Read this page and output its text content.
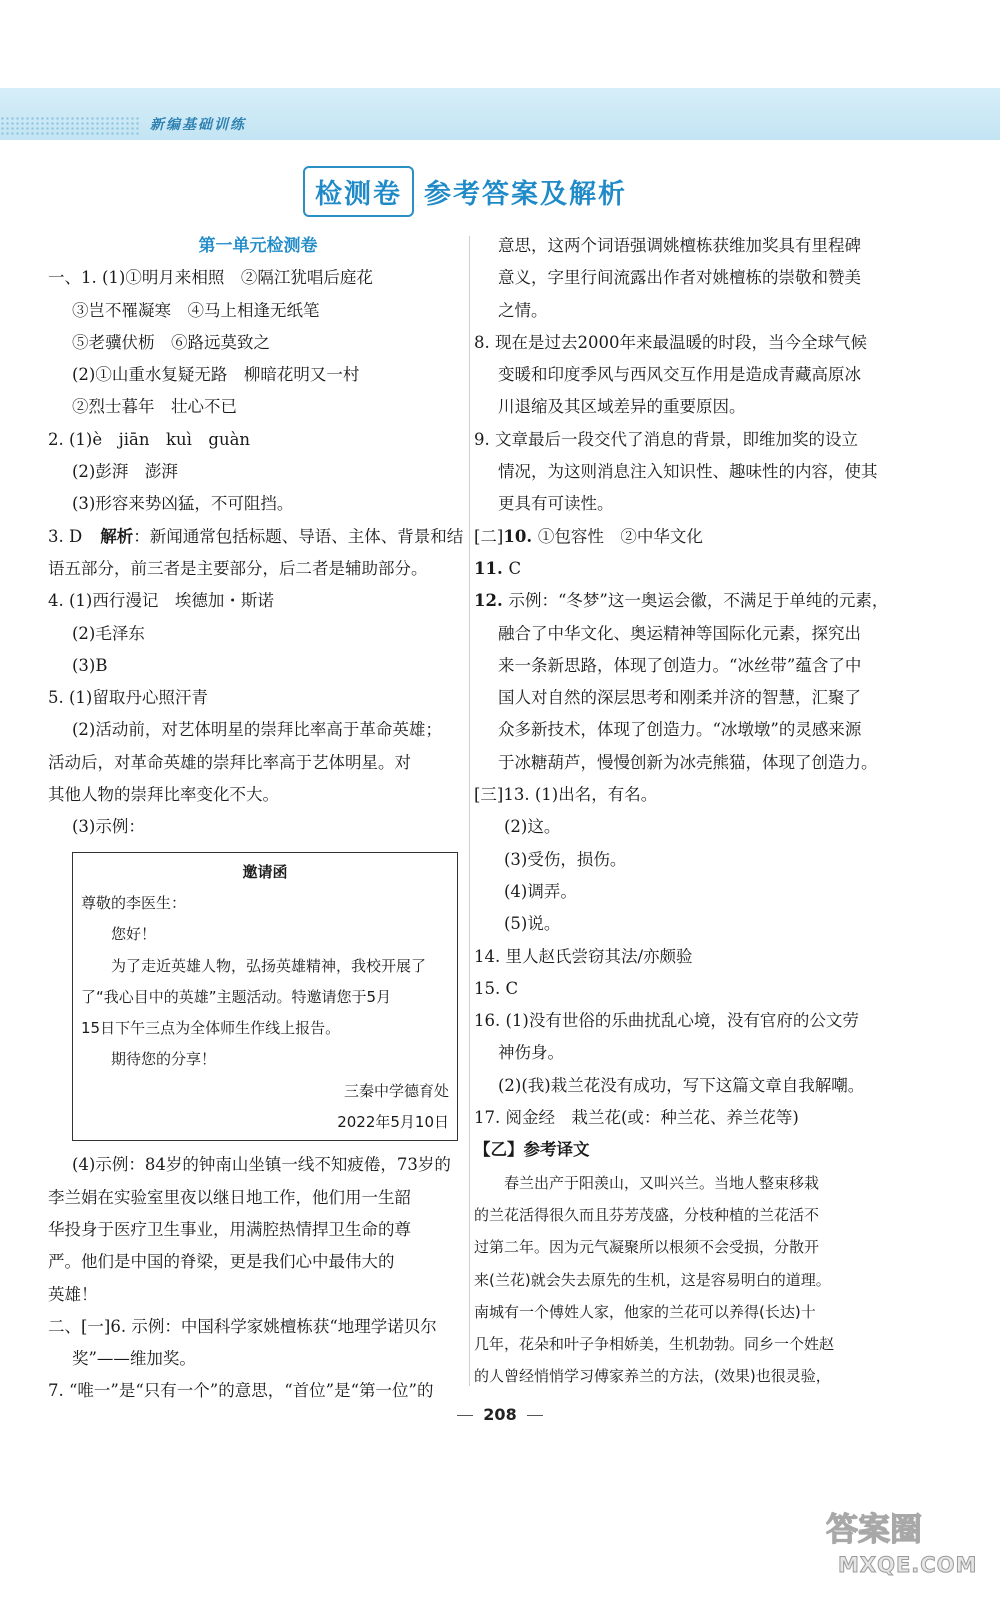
新编基础训练
检测卷 参考答案及解析
第一单元检测卷
一、1. (1)①明月来相照　②隔江犹唱后庭花
③岂不罹凝寒　④马上相逢无纸笔
⑤老骥伏枥　⑥路远莫致之
(2)①山重水复疑无路　柳暗花明又一村
②烈士暮年　壮心不已
2. (1)è　jiān　kuì　guàn
(2)彭湃　澎湃
(3)形容来势凶猛，不可阻挡。
3. D 解析：新闻通常包括标题、导语、主体、背景和结
语五部分，前三者是主要部分，后二者是辅助部分。
4. (1)西行漫记　埃德加・斯诺
(2)毛泽东
(3)B
5. (1)留取丹心照汗青
(2)活动前，对艺体明星的崇拜比率高于革命英雄；
活动后，对革命英雄的崇拜比率高于艺体明星。对
其他人物的崇拜比率变化不大。
(3)示例：
邀请函
尊敬的李医生：
您好！
为了走近英雄人物，弘扬英雄精神，我校开展了
了“我心目中的英雄”主题活动。特邀请您于5月
15日下午三点为全体师生作线上报告。
期待您的分享！
三秦中学德育处
2022年5月10日
(4)示例：84岁的钟南山坐镇一线不知疲倦，73岁的
李兰娟在实验室里夜以继日地工作，他们用一生韶
华投身于医疗卫生事业，用满腔热情捍卫生命的尊
严。他们是中国的脊梁，更是我们心中最伟大的
英雄！
二、[一]6. 示例：中国科学家姚檀栋获“地理学诺贝尔
奖”——维加奖。
7. “唯一”是“只有一个”的意思，“首位”是“第一位”的
意思，这两个词语强调姚檀栋获维加奖具有里程碑
意义，字里行间流露出作者对姚檀栋的崇敬和赞美
之情。
8. 现在是过去2000年来最温暖的时段，当今全球气候
变暖和印度季风与西风交互作用是造成青藏高原冰
川退缩及其区域差异的重要原因。
9. 文章最后一段交代了消息的背景，即维加奖的设立
情况，为这则消息注入知识性、趣味性的内容，使其
更具有可读性。
[二]10. ①包容性　②中华文化
11. C
12. 示例：“冬梦”这一奥运会徽，不满足于单纯的元素，
融合了中华文化、奥运精神等国际化元素，探究出
来一条新思路，体现了创造力。“冰丝带”蕴含了中
国人对自然的深层思考和刚柔并济的智慧，汇聚了
众多新技术，体现了创造力。“冰墩墩”的灵感来源
于冰糖葫芦，慢慢创新为冰壳熊猫，体现了创造力。
[三]13. (1)出名，有名。
(2)这。
(3)受伤，损伤。
(4)调弄。
(5)说。
14. 里人赵氏尝窃其法/亦颇验
15. C
16. (1)没有世俗的乐曲扰乱心境，没有官府的公文劳
神伤身。
(2)(我)栽兰花没有成功，写下这篇文章自我解嘲。
17. 阅金经　栽兰花(或：种兰花、养兰花等)
【乙】参考译文
春兰出产于阳羡山，又叫兴兰。当地人整束移栽
的兰花活得很久而且芬芳茂盛，分枝种植的兰花活不
过第二年。因为元气凝聚所以根须不会受损，分散开
来(兰花)就会失去原先的生机，这是容易明白的道理。
南城有一个傅姓人家，他家的兰花可以养得(长达)十
几年，花朵和叶子争相娇美，生机勃勃。同乡一个姓赵
的人曾经悄悄学习傅家养兰的方法，(效果)也很灵验，
208
答案圈
MXQE.COM
